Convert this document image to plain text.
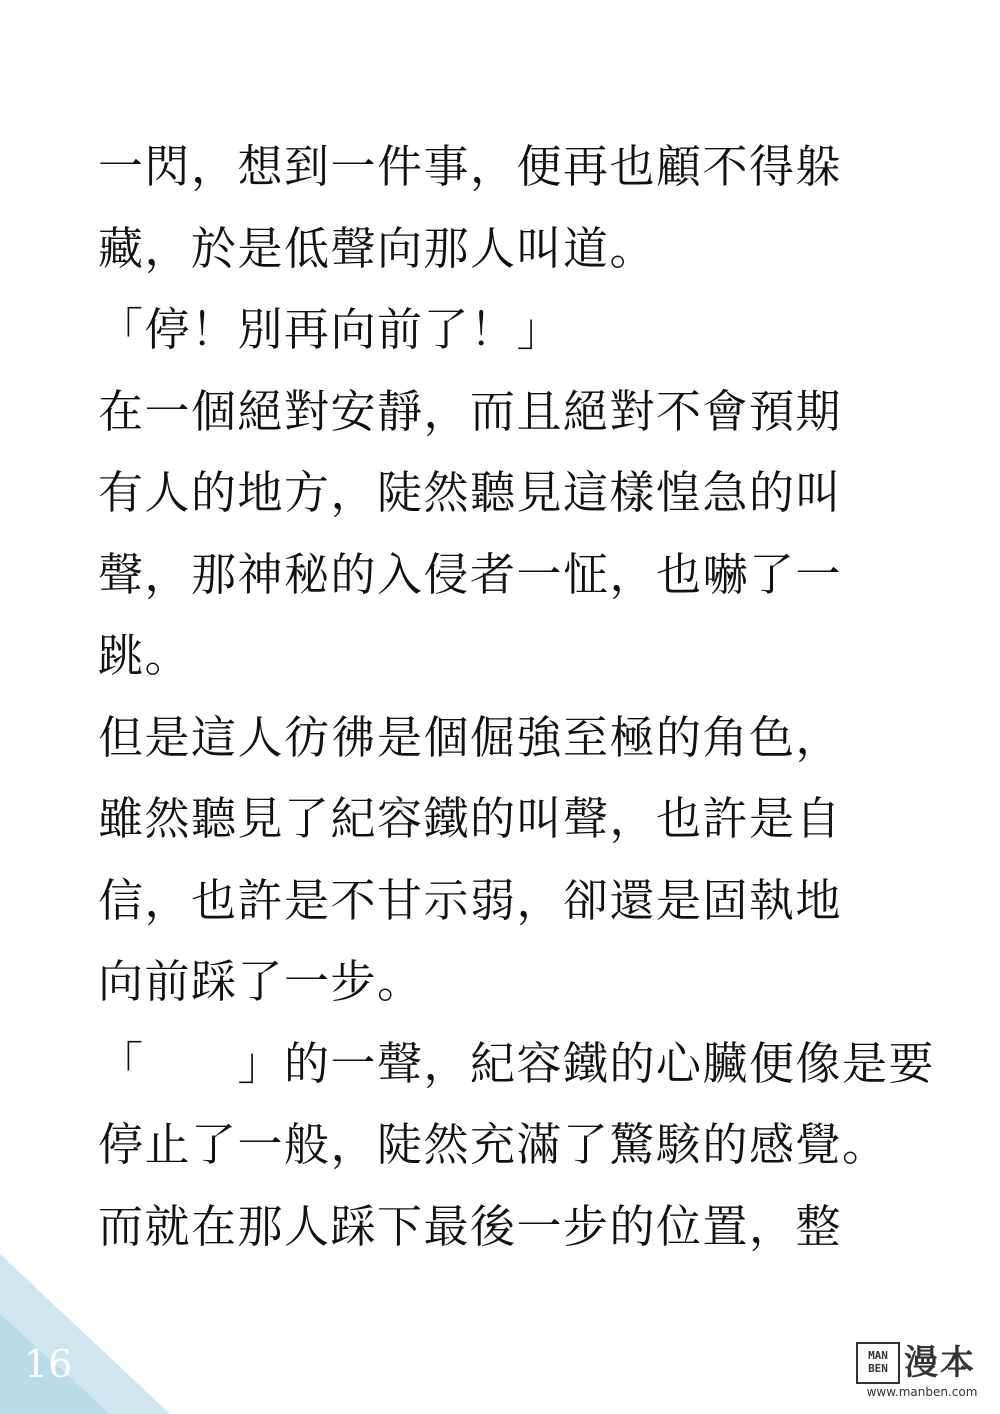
一閃，想到一件事，便再也顧不得躲
藏，於是低聲向那人叫道。
「停！別再向前了！」
在一個絕對安靜，而且絕對不會預期
有人的地方，陡然聽見這樣惶急的叫
聲，那神秘的入侵者一怔，也嚇了一
跳。
但是這人彷彿是個倔強至極的角色，
雖然聽見了紀容鐵的叫聲，也許是自
信，也許是不甘示弱，卻還是固執地
向前踩了一步。
「　　」的一聲，紀容鐵的心臟便像是要
停止了一般，陡然充滿了驚駭的感覺。
而就在那人踩下最後一步的位置，整
16	MAN BEN 漫本
www.manben.com
